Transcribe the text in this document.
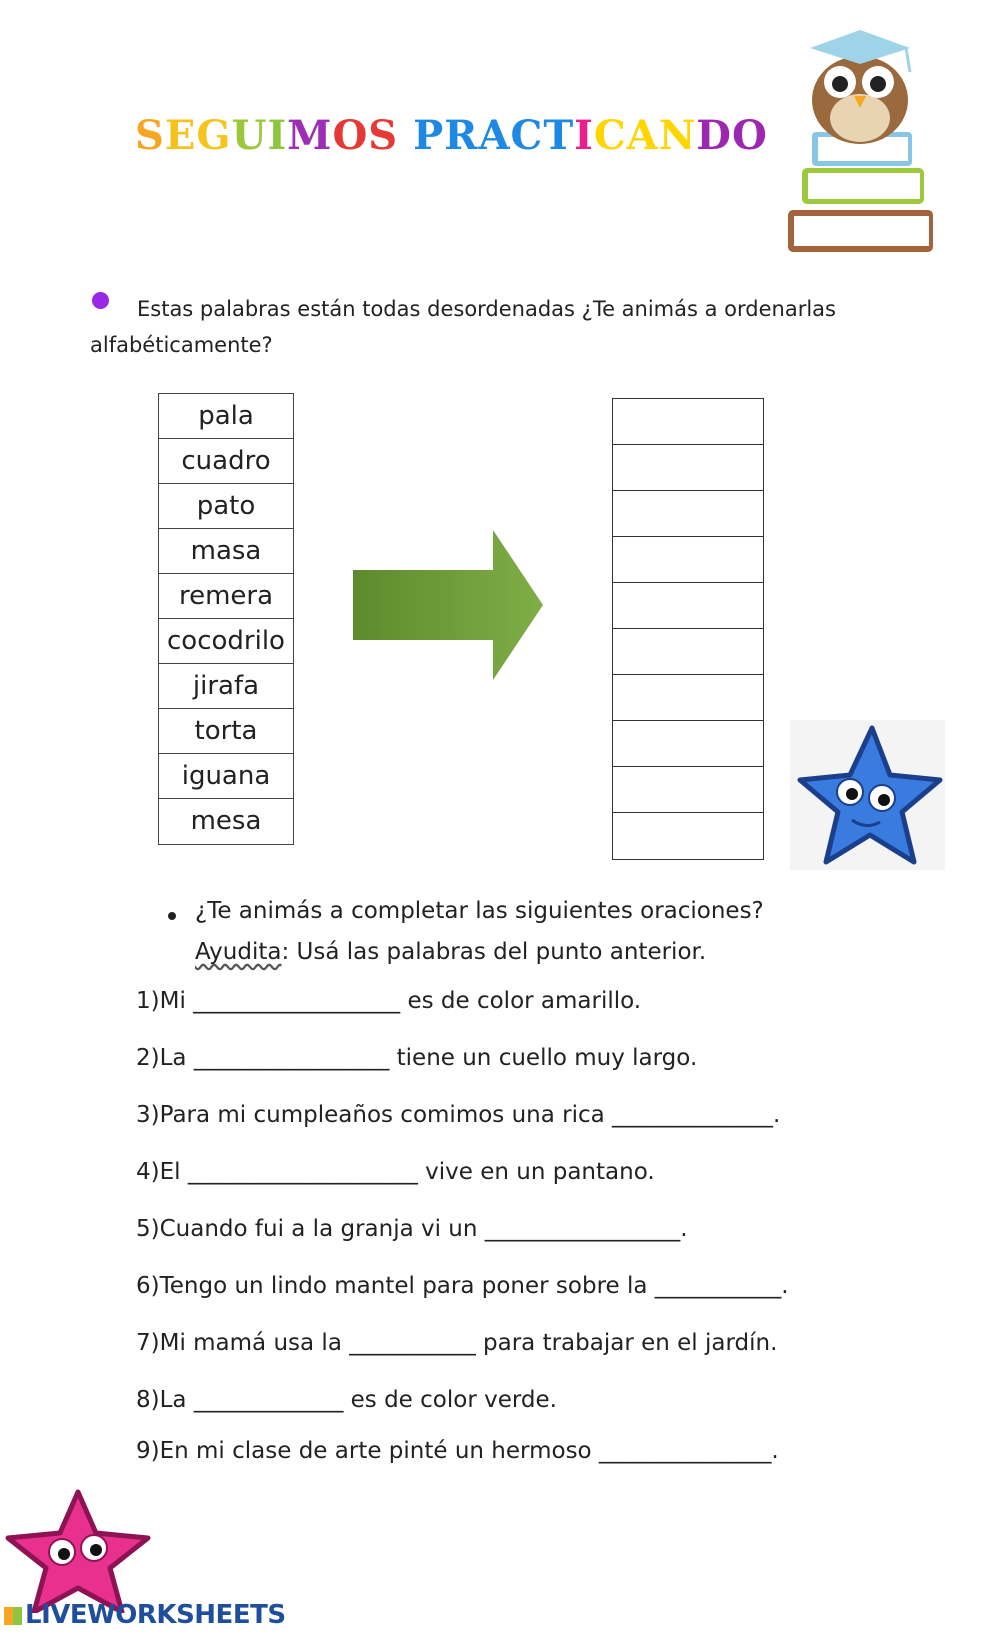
SEGUIMOS PRACTICANDO
Estas palabras están todas desordenadas ¿Te animás a ordenarlas alfabéticamente?
pala
cuadro
pato
masa
remera
cocodrilo
jirafa
torta
iguana
mesa
¿Te animás a completar las siguientes oraciones?
Ayudita: Usá las palabras del punto anterior.
1)Mi __________________ es de color amarillo.
2)La _________________ tiene un cuello muy largo.
3)Para mi cumpleaños comimos una rica ______________.
4)El ____________________ vive en un pantano.
5)Cuando fui a la granja vi un _________________.
6)Tengo un lindo mantel para poner sobre la ___________.
7)Mi mamá usa la ___________ para trabajar en el jardín.
8)La _____________ es de color verde.
9)En mi clase de arte pinté un hermoso _______________.
LIVEWORKSHEETS
